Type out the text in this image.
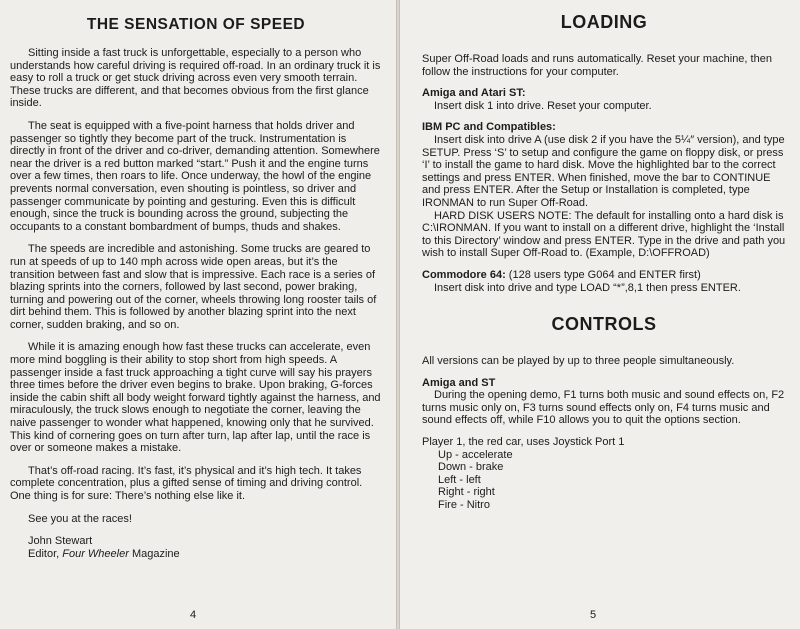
THE SENSATION OF SPEED

Sitting inside a fast truck is unforgettable, especially to a person who understands how careful driving is required off-road. In an ordinary truck it is easy to roll a truck or get stuck driving across even very smooth terrain. These trucks are different, and that becomes obvious from the first glance inside.

The seat is equipped with a five-point harness that holds driver and passenger so tightly they become part of the truck. Instrumentation is directly in front of the driver and co-driver, demanding attention. Somewhere near the driver is a red button marked “start.” Push it and the engine turns over a few times, then roars to life. Once underway, the howl of the engine prevents normal conversation, even shouting is pointless, so driver and passenger communicate by pointing and gesturing. Even this is difficult enough, since the truck is bounding across the ground, subjecting the occupants to a constant bombardment of bumps, thuds and shakes.

The speeds are incredible and astonishing. Some trucks are geared to run at speeds of up to 140 mph across wide open areas, but it’s the transition between fast and slow that is impressive. Each race is a series of blazing sprints into the corners, followed by last second, power braking, turning and powering out of the corner, wheels throwing long rooster tails of dirt behind them. This is followed by another blazing sprint into the next corner, sudden braking, and so on.

While it is amazing enough how fast these trucks can accelerate, even more mind boggling is their ability to stop short from high speeds. A passenger inside a fast truck approaching a tight curve will say his prayers three times before the driver even begins to brake. Upon braking, G-forces inside the cabin shift all body weight forward tightly against the harness, and miraculously, the truck slows enough to negotiate the corner, leaving the naive passenger to wonder what happened, knowing only that he survived. This kind of cornering goes on turn after turn, lap after lap, until the race is over or someone makes a mistake.

That’s off-road racing. It’s fast, it’s physical and it’s high tech. It takes complete concentration, plus a gifted sense of timing and driving control. One thing is for sure: There’s nothing else like it.

See you at the races!

John Stewart

Editor, Four Wheeler Magazine

4
LOADING

Super Off-Road loads and runs automatically. Reset your machine, then follow the instructions for your computer.

Amiga and Atari ST:

Insert disk 1 into drive. Reset your computer.

IBM PC and Compatibles:

Insert disk into drive A (use disk 2 if you have the 5¼″ version), and type SETUP. Press ‘S’ to setup and configure the game on floppy disk, or press ‘I’ to install the game to hard disk. Move the highlighted bar to the correct settings and press ENTER. When finished, move the bar to CONTINUE and press ENTER. After the Setup or Installation is completed, type IRONMAN to run Super Off-Road.

HARD DISK USERS NOTE: The default for installing onto a hard disk is C:\IRONMAN. If you want to install on a different drive, highlight the ‘Install to this Directory’ window and press ENTER. Type in the drive and path you wish to install Super Off-Road to. (Example, D:\OFFROAD)

Commodore 64: (128 users type G064 and ENTER first)

Insert disk into drive and type LOAD “*”,8,1 then press ENTER.

CONTROLS

All versions can be played by up to three people simultaneously.

Amiga and ST

During the opening demo, F1 turns both music and sound effects on, F2 turns music only on, F3 turns sound effects only on, F4 turns music and sound effects off, while F10 allows you to quit the options section.

Player 1, the red car, uses Joystick Port 1

Up - accelerate
Down - brake
Left - left
Right - right
Fire - Nitro
5
